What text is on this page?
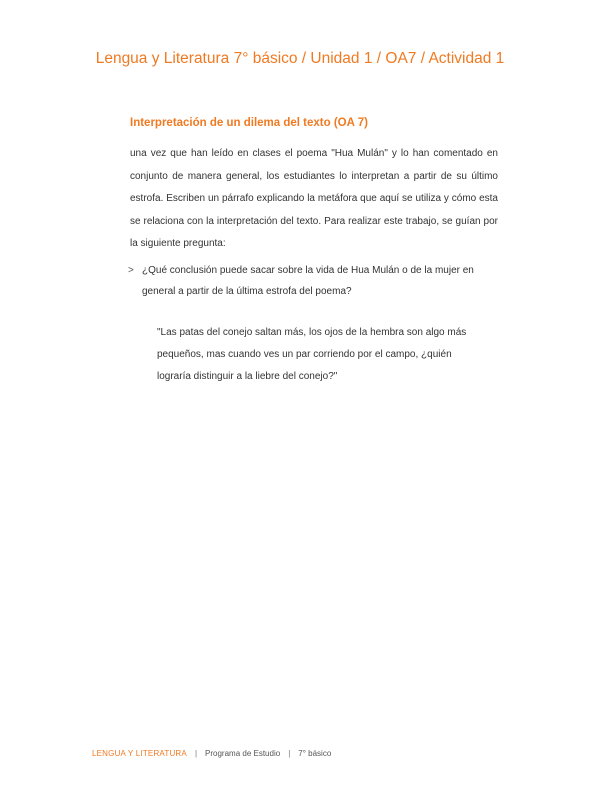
Lengua y Literatura 7° básico / Unidad 1 / OA7 / Actividad 1
Interpretación de un dilema del texto (OA 7)

una vez que han leído en clases el poema "Hua Mulán" y lo han comentado en conjunto de manera general, los estudiantes lo interpretan a partir de su último estrofa. Escriben un párrafo explicando la metáfora que aquí se utiliza y cómo esta se relaciona con la interpretación del texto. Para realizar este trabajo, se guían por la siguiente pregunta:

> ¿Qué conclusión puede sacar sobre la vida de Hua Mulán o de la mujer en general a partir de la última estrofa del poema?

"Las patas del conejo saltan más, los ojos de la hembra son algo más pequeños, mas cuando ves un par corriendo por el campo, ¿quién lograría distinguir a la liebre del conejo?"

LENGUA Y LITERATURA | Programa de Estudio | 7° básico
